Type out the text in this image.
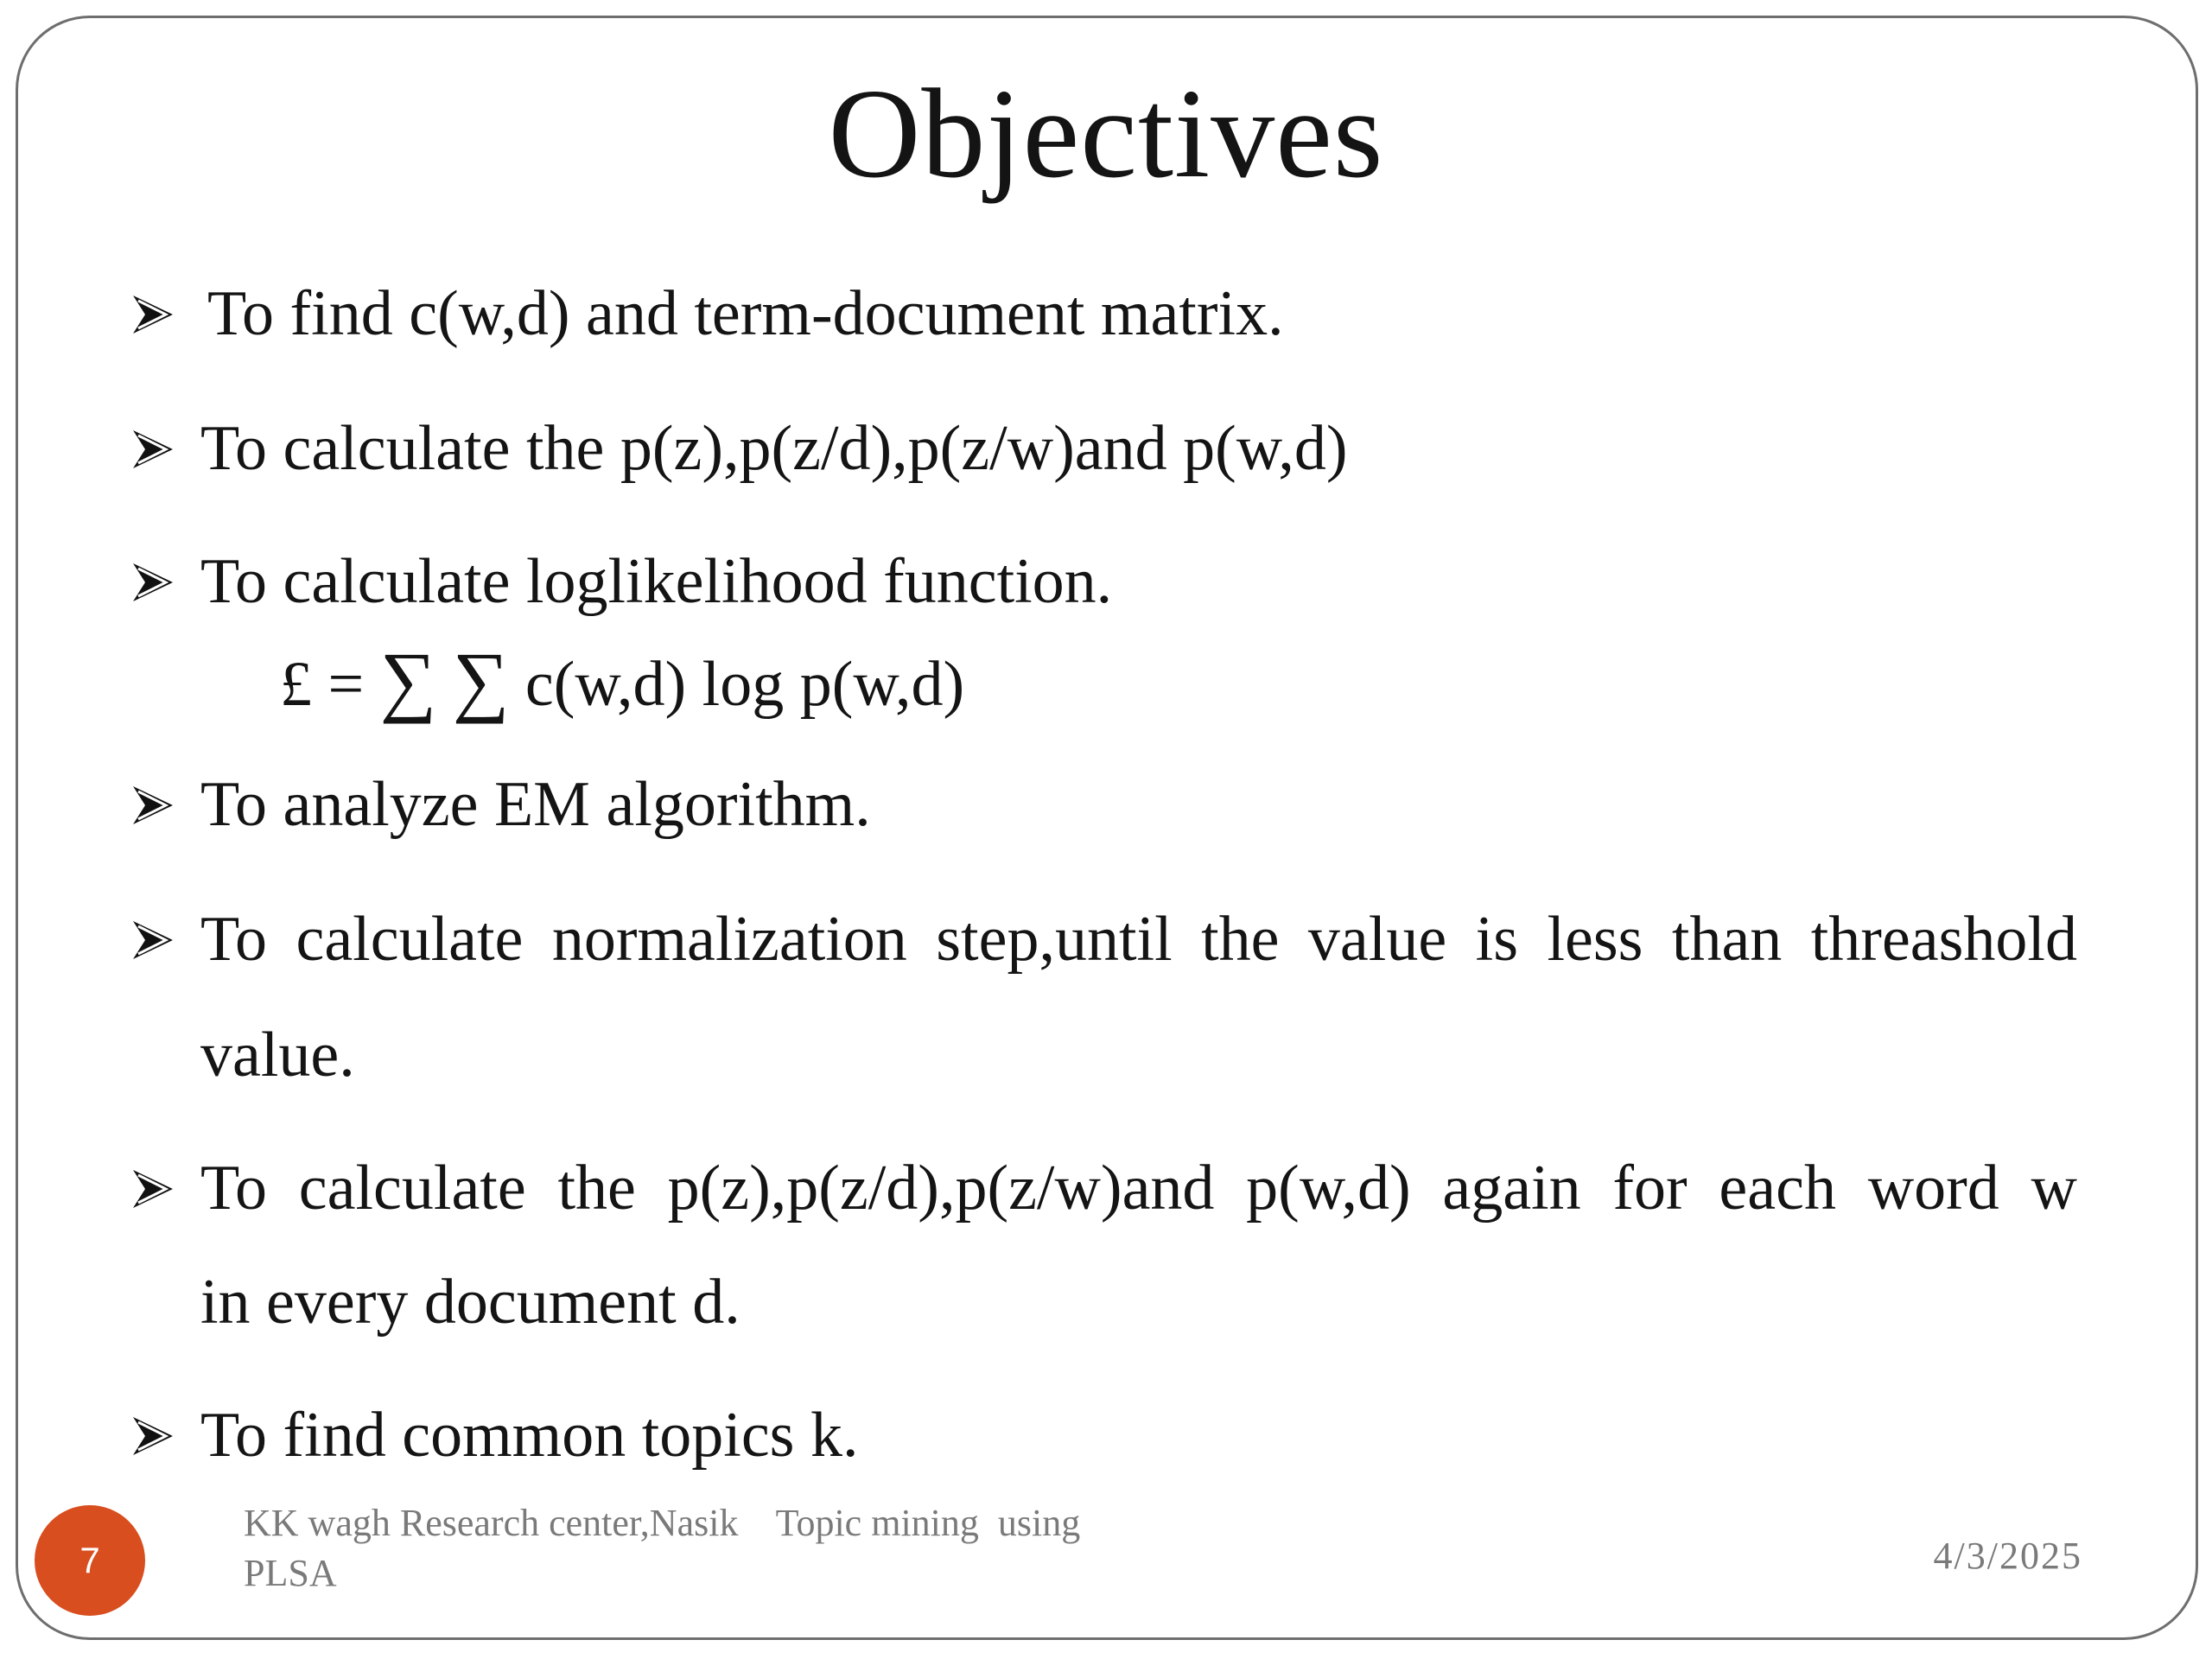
Objectives
To find c(w,d) and term-document matrix.
To calculate the p(z),p(z/d),p(z/w)and p(w,d)
To calculate loglikelihood function.
£ = ∑ ∑ c(w,d) log p(w,d)
To analyze EM algorithm.
To calculate normalization step,until the value is less than threashold
value.
To calculate the p(z),p(z/d),p(z/w)and p(w,d) again for each word w
in every document d.
To find common topics k.
7
KK wagh Research center,Nasik    Topic mining  using
PLSA	4/3/2025
